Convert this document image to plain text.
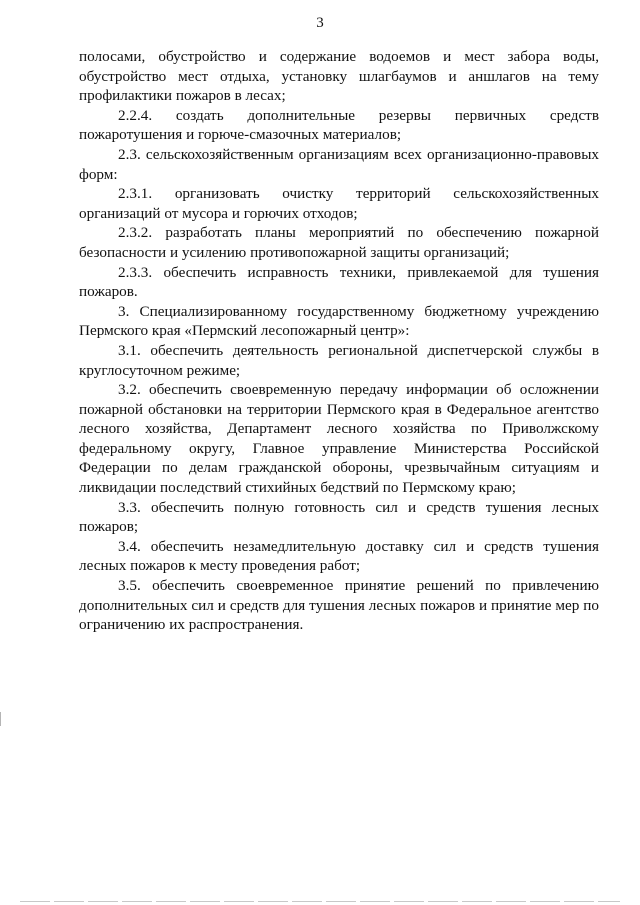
3

полосами, обустройство и содержание водоемов и мест забора воды, обустройство мест отдыха, установку шлагбаумов и аншлагов на тему профилактики пожаров в лесах;

2.2.4. создать дополнительные резервы первичных средств пожаротушения и горюче-смазочных материалов;

2.3. сельскохозяйственным организациям всех организационно-правовых форм:

2.3.1. организовать очистку территорий сельскохозяйственных организаций от мусора и горючих отходов;

2.3.2. разработать планы мероприятий по обеспечению пожарной безопасности и усилению противопожарной защиты организаций;

2.3.3. обеспечить исправность техники, привлекаемой для тушения пожаров.

3. Специализированному государственному бюджетному учреждению Пермского края «Пермский лесопожарный центр»:

3.1. обеспечить деятельность региональной диспетчерской службы в круглосуточном режиме;

3.2. обеспечить своевременную передачу информации об осложнении пожарной обстановки на территории Пермского края в Федеральное агентство лесного хозяйства, Департамент лесного хозяйства по Приволжскому федеральному округу, Главное управление Министерства Российской Федерации по делам гражданской обороны, чрезвычайным ситуациям и ликвидации последствий стихийных бедствий по Пермскому краю;

3.3. обеспечить полную готовность сил и средств тушения лесных пожаров;

3.4. обеспечить незамедлительную доставку сил и средств тушения лесных пожаров к месту проведения работ;

3.5. обеспечить своевременное принятие решений по привлечению дополнительных сил и средств для тушения лесных пожаров и принятие мер по ограничению их распространения.
